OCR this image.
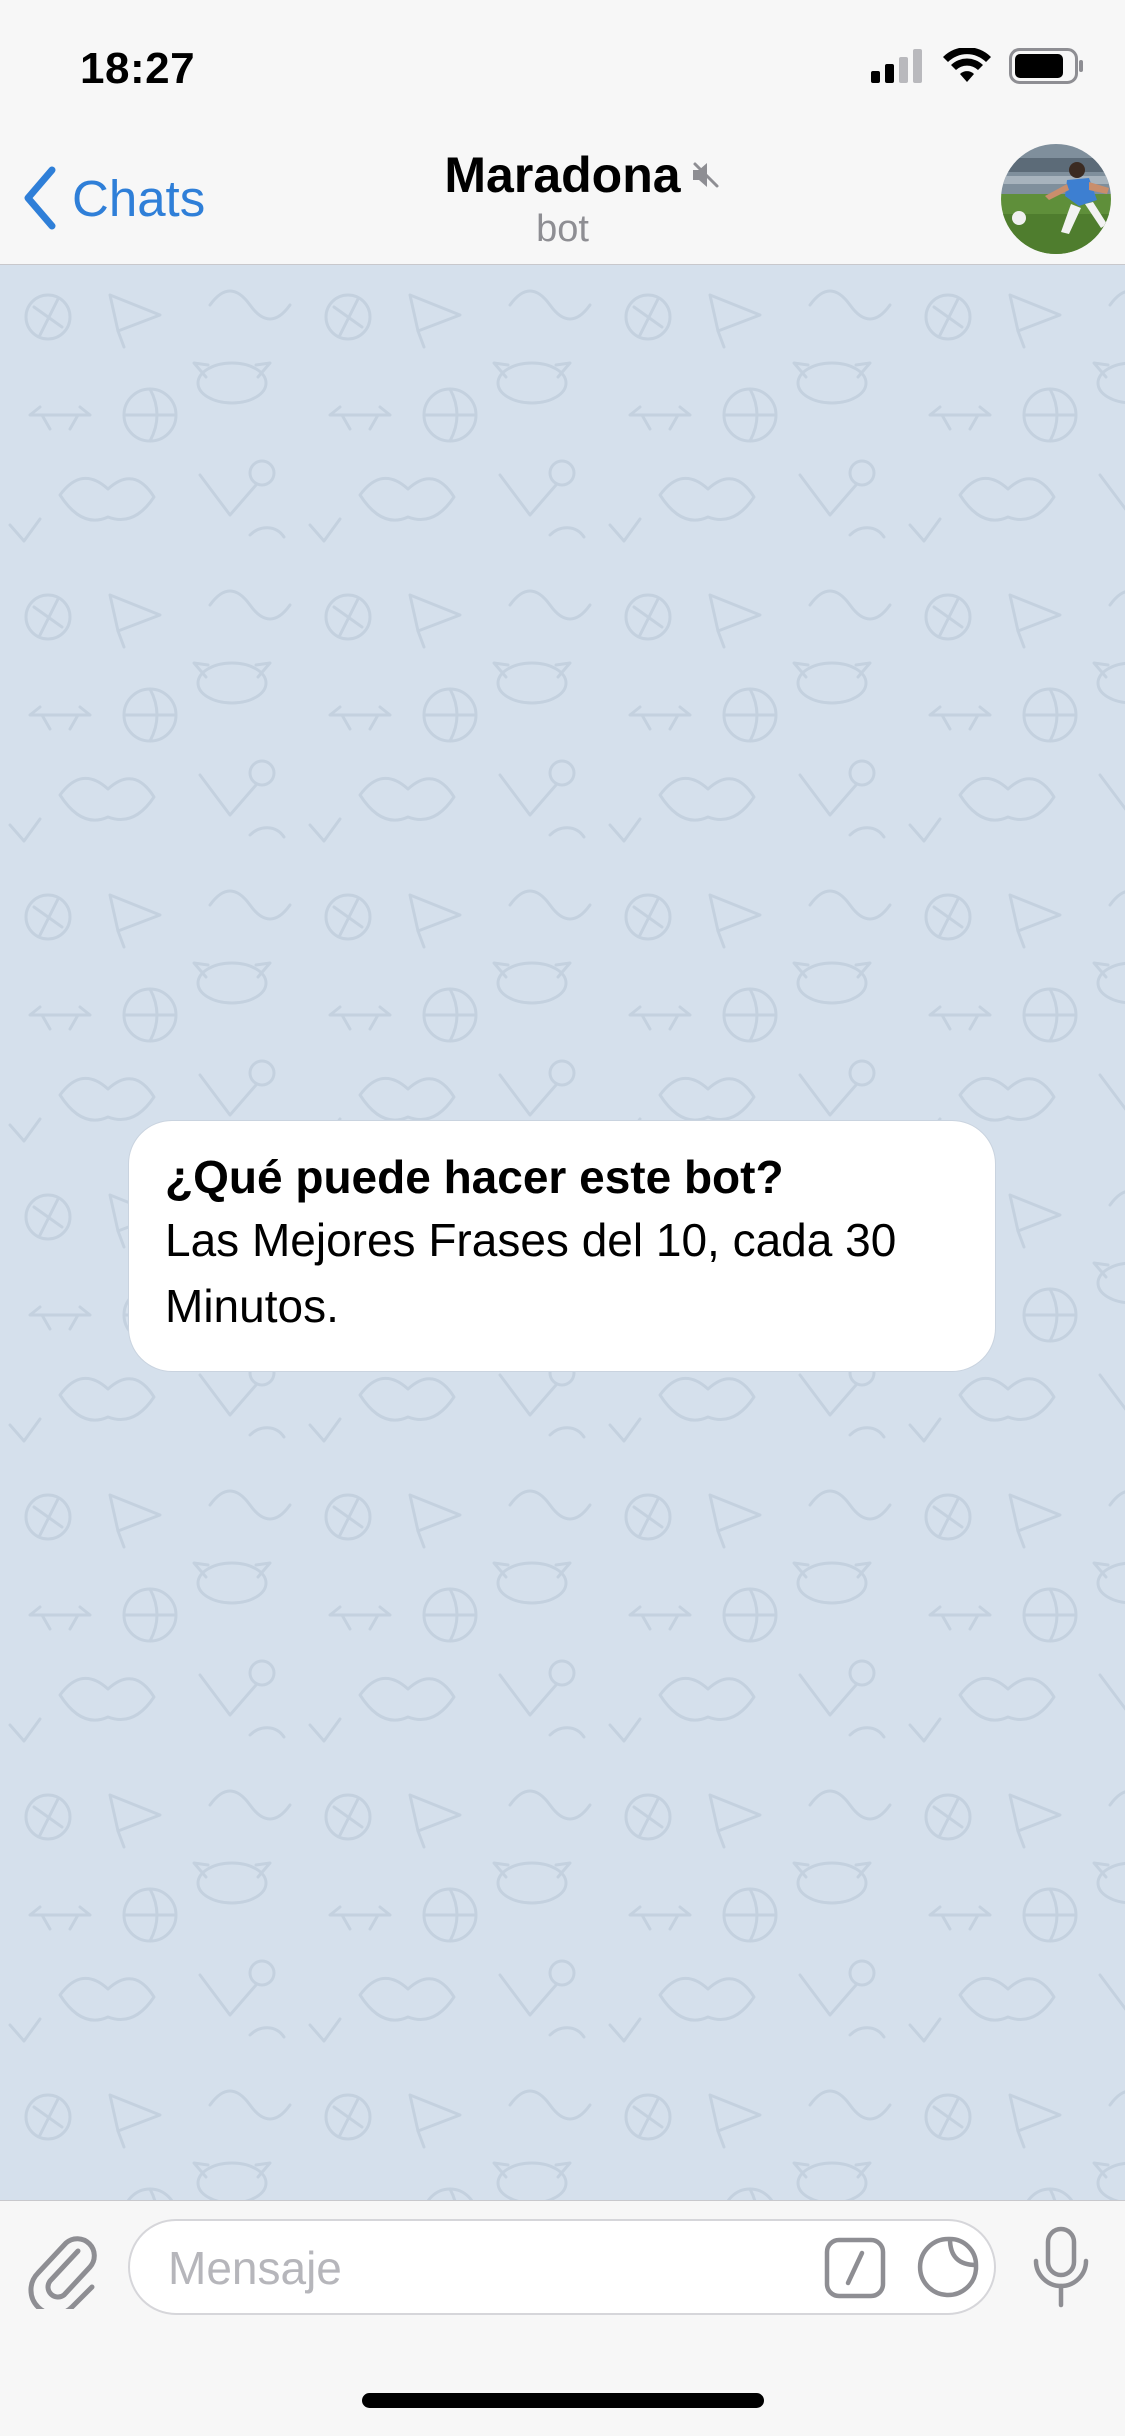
18:27
Chats	Maradona
bot
¿Qué puede hacer este bot?
Las Mejores Frases del 10, cada 30 Minutos.
Mensaje
